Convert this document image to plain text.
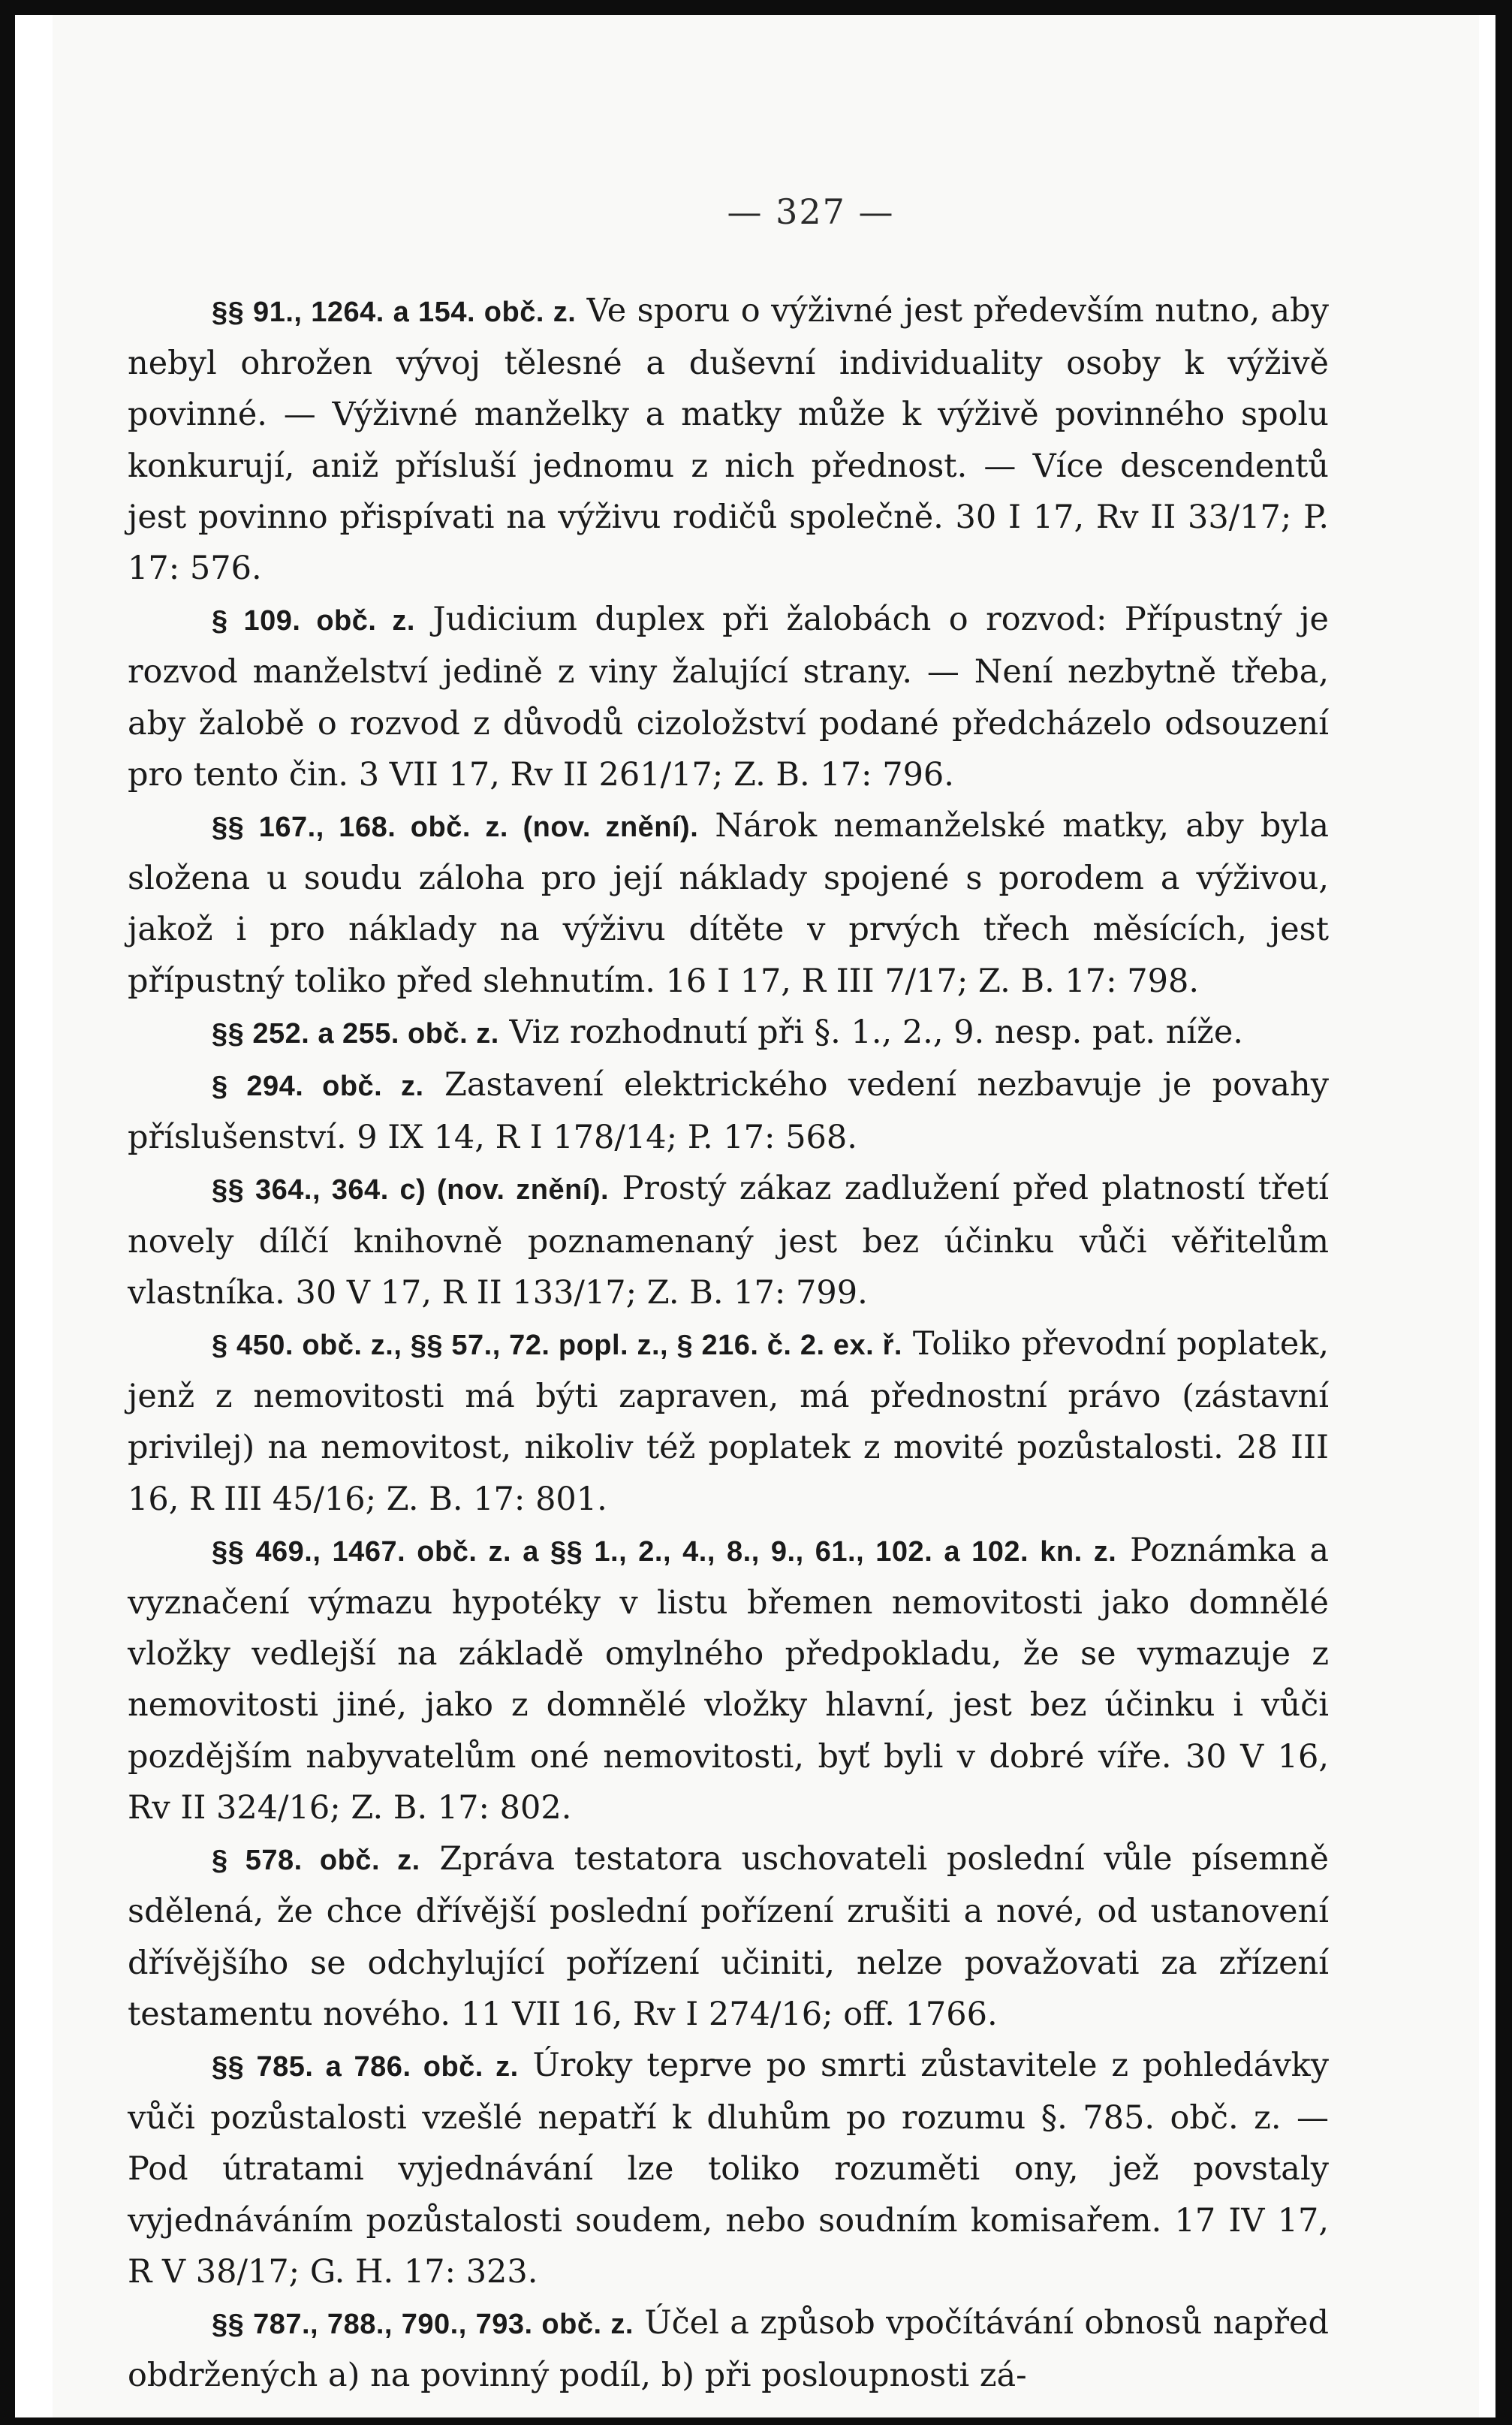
— 327 —

§§ 91., 1264. a 154. obč. z. Ve sporu o výživné jest především nutno, aby nebyl ohrožen vývoj tělesné a duševní individuality osoby k výživě povinné. — Výživné manželky a matky může k výživě povinného spolu konkurují, aniž přísluší jednomu z nich přednost. — Více descendentů jest povinno přispívati na výživu rodičů společně. 30 I 17, Rv II 33/17; P. 17: 576.

§ 109. obč. z. Judicium duplex při žalobách o rozvod: Přípustný je rozvod manželství jedině z viny žalující strany. — Není nezbytně třeba, aby žalobě o rozvod z důvodů cizoložství podané předcházelo odsouzení pro tento čin. 3 VII 17, Rv II 261/17; Z. B. 17: 796.

§§ 167., 168. obč. z. (nov. znění). Nárok nemanželské matky, aby byla složena u soudu záloha pro její náklady spojené s porodem a výživou, jakož i pro náklady na výživu dítěte v prvých třech měsících, jest přípustný toliko před slehnutím. 16 I 17, R III 7/17; Z. B. 17: 798.

§§ 252. a 255. obč. z. Viz rozhodnutí při §. 1., 2., 9. nesp. pat. níže.

§ 294. obč. z. Zastavení elektrického vedení nezbavuje je povahy příslušenství. 9 IX 14, R I 178/14; P. 17: 568.

§§ 364., 364. c) (nov. znění). Prostý zákaz zadlužení před platností třetí novely dílčí knihovně poznamenaný jest bez účinku vůči věřitelům vlastníka. 30 V 17, R II 133/17; Z. B. 17: 799.

§ 450. obč. z., §§ 57., 72. popl. z., § 216. č. 2. ex. ř. Toliko převodní poplatek, jenž z nemovitosti má býti zapraven, má přednostní právo (zástavní privilej) na nemovitost, nikoliv též poplatek z movité pozůstalosti. 28 III 16, R III 45/16; Z. B. 17: 801.

§§ 469., 1467. obč. z. a §§ 1., 2., 4., 8., 9., 61., 102. a 102. kn. z. Poznámka a vyznačení výmazu hypotéky v listu břemen nemovitosti jako domnělé vložky vedlejší na základě omylného předpokladu, že se vymazuje z nemovitosti jiné, jako z domnělé vložky hlavní, jest bez účinku i vůči pozdějším nabyvatelům oné nemovitosti, byť byli v dobré víře. 30 V 16, Rv II 324/16; Z. B. 17: 802.

§ 578. obč. z. Zpráva testatora uschovateli poslední vůle písemně sdělená, že chce dřívější poslední pořízení zrušiti a nové, od ustanovení dřívějšího se odchylující pořízení učiniti, nelze považovati za zřízení testamentu nového. 11 VII 16, Rv I 274/16; off. 1766.

§§ 785. a 786. obč. z. Úroky teprve po smrti zůstavitele z pohledávky vůči pozůstalosti vzešlé nepatří k dluhům po rozumu §. 785. obč. z. — Pod útratami vyjednávání lze toliko rozuměti ony, jež povstaly vyjednáváním pozůstalosti soudem, nebo soudním komisařem. 17 IV 17, R V 38/17; G. H. 17: 323.

§§ 787., 788., 790., 793. obč. z. Účel a způsob vpočítávání obnosů napřed obdržených a) na povinný podíl, b) při posloupnosti zá-
